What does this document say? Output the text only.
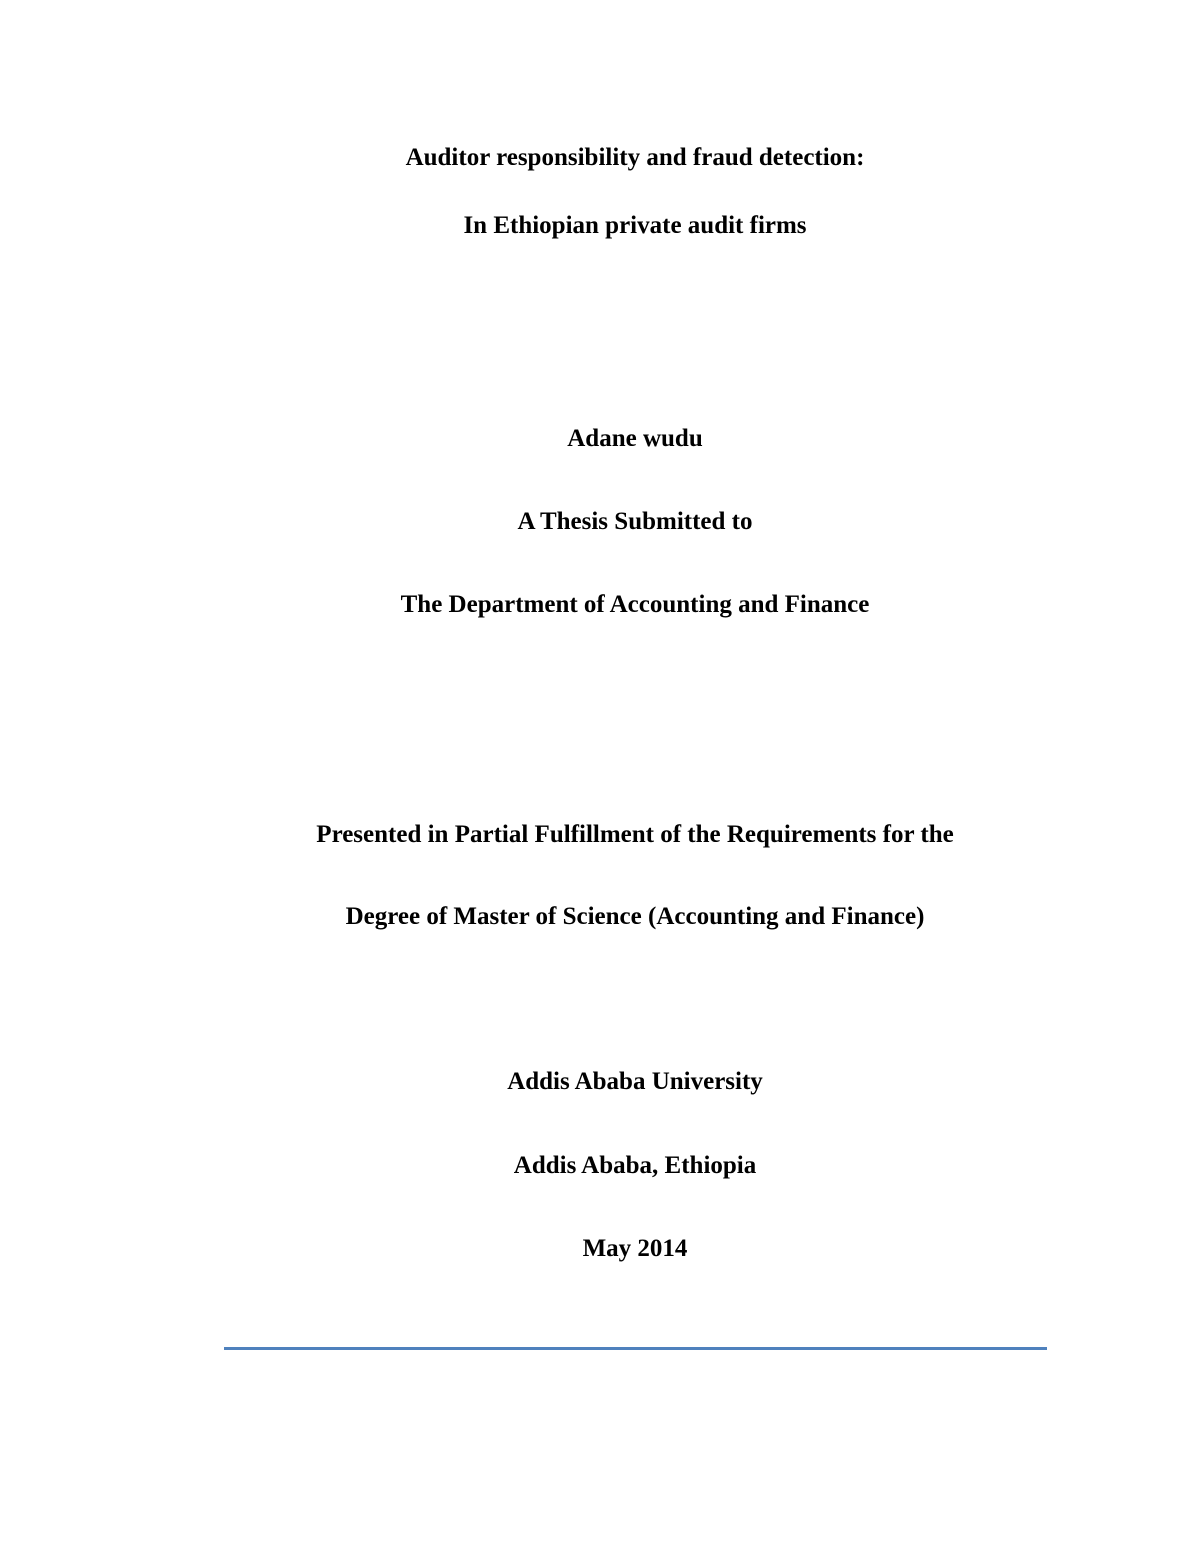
Auditor responsibility and fraud detection:
In Ethiopian private audit firms
Adane wudu
A Thesis Submitted to
The Department of Accounting and Finance
Presented in Partial Fulfillment of the Requirements for the
Degree of Master of Science (Accounting and Finance)
Addis Ababa University
Addis Ababa, Ethiopia
May 2014
